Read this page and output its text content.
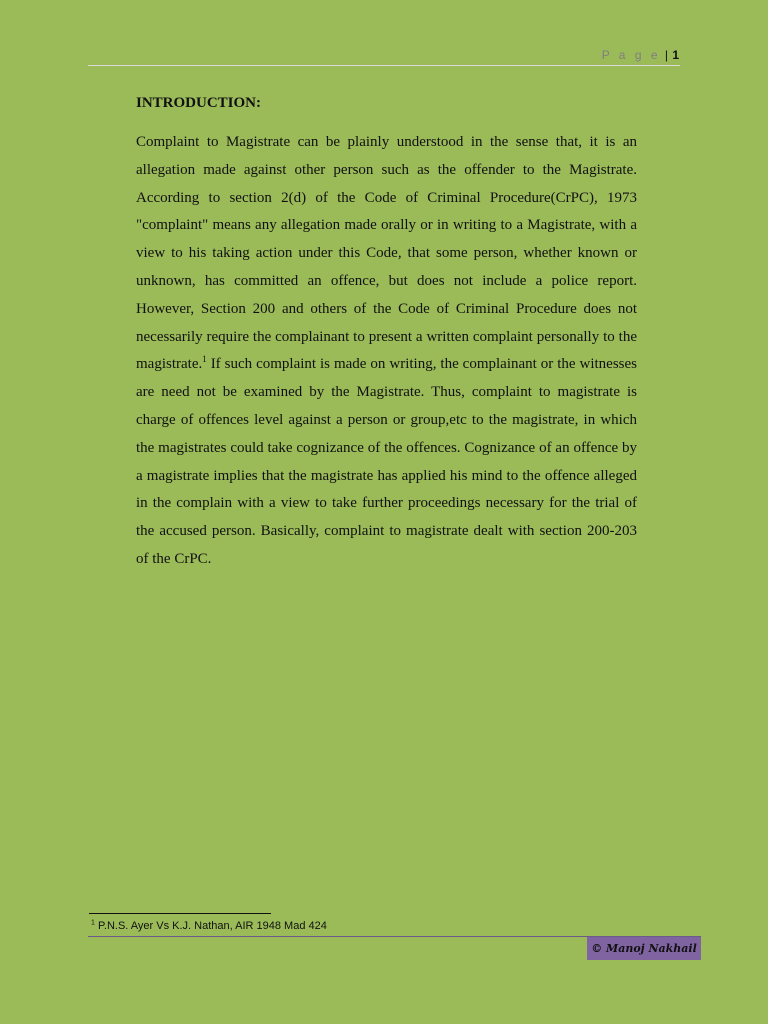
P a g e | 1
INTRODUCTION:

Complaint to Magistrate can be plainly understood in the sense that, it is an allegation made against other person such as the offender to the Magistrate. According to section 2(d) of the Code of Criminal Procedure(CrPC), 1973 "complaint" means any allegation made orally or in writing to a Magistrate, with a view to his taking action under this Code, that some person, whether known or unknown, has committed an offence, but does not include a police report. However, Section 200 and others of the Code of Criminal Procedure does not necessarily require the complainant to present a written complaint personally to the magistrate.$^1$ If such complaint is made on writing, the complainant or the witnesses are need not be examined by the Magistrate. Thus, complaint to magistrate is charge of offences level against a person or group,etc to the magistrate, in which the magistrates could take cognizance of the offences. Cognizance of an offence by a magistrate implies that the magistrate has applied his mind to the offence alleged in the complain with a view to take further proceedings necessary for the trial of the accused person. Basically, complaint to magistrate dealt with section 200-203 of the CrPC.

$^1$ P.N.S. Ayer Vs K.J. Nathan, AIR 1948 Mad 424
© Manoj Nakhail
